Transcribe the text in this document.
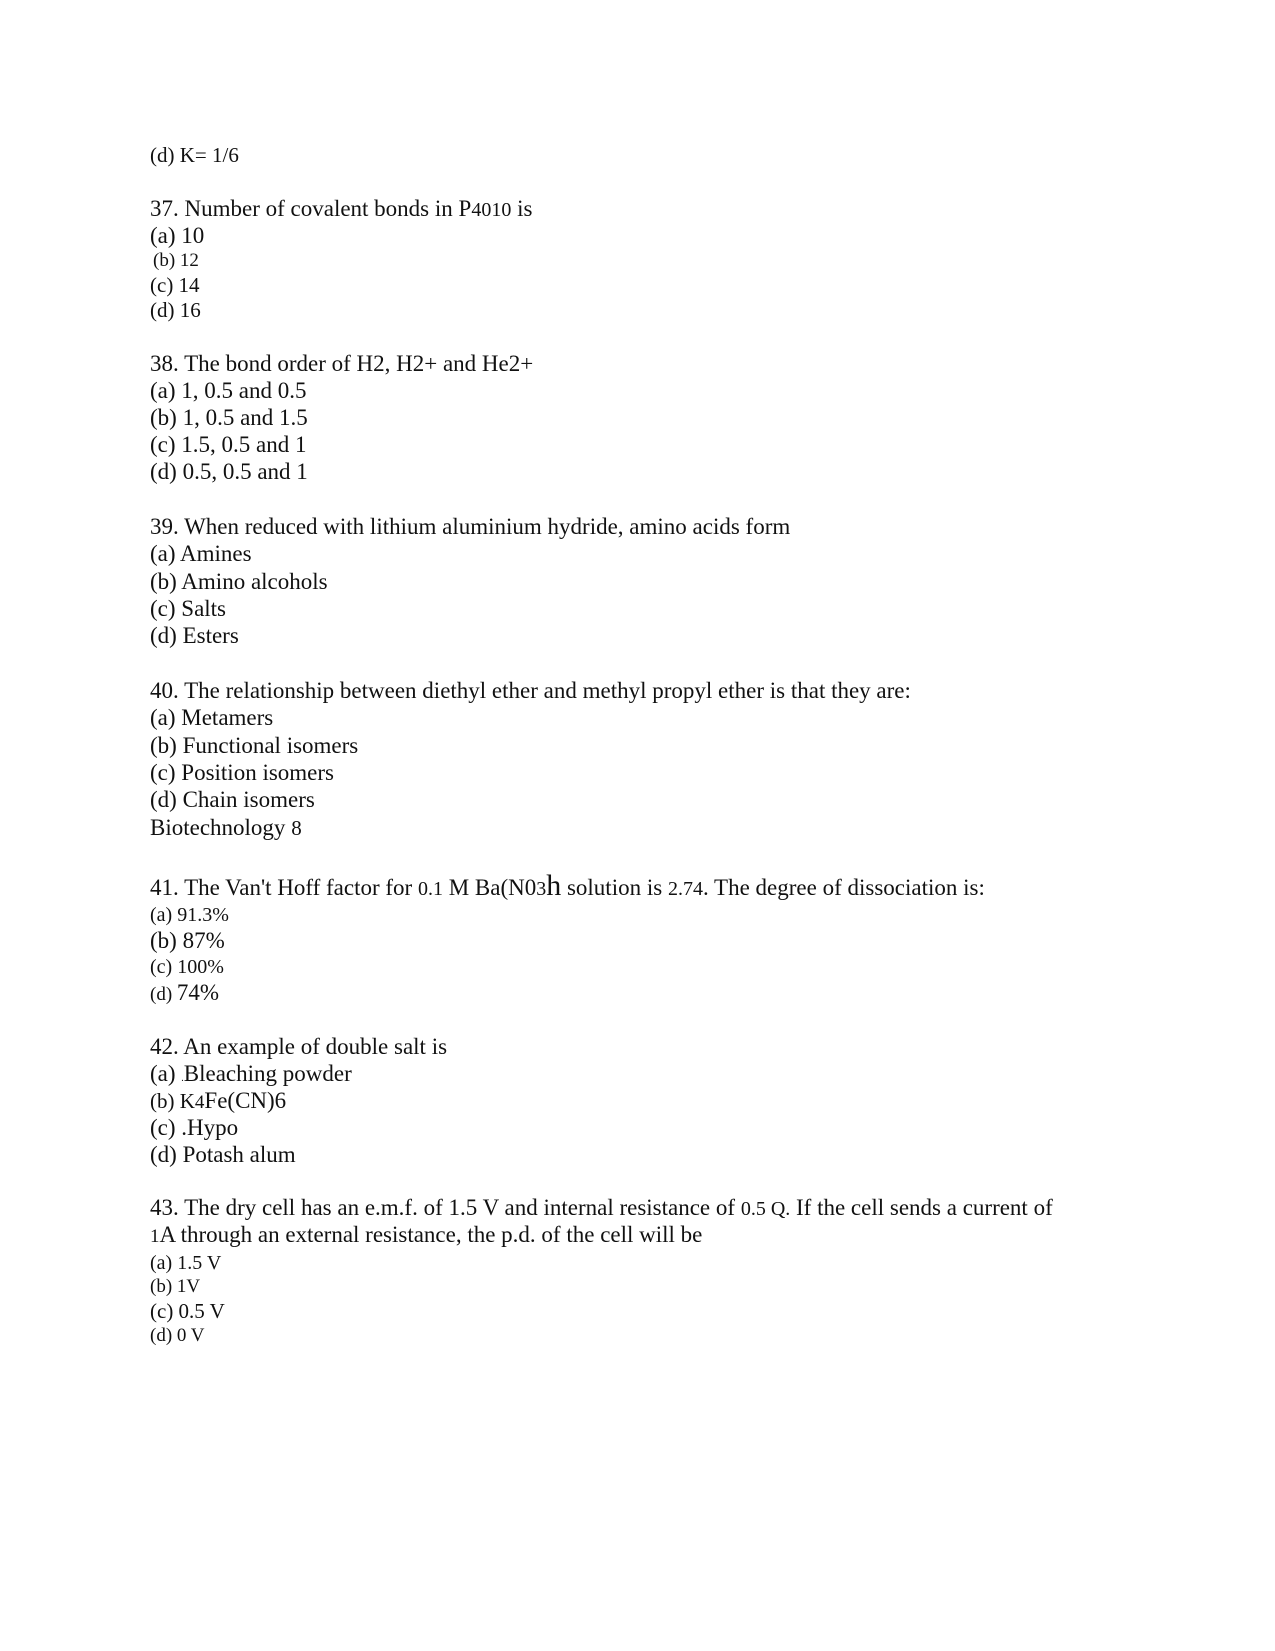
(d) K= 1/6

37. Number of covalent bonds in P4010 is

(a) 10

(b) 12

(c) 14

(d) 16

38. The bond order of H2, H2+ and He2+

(a) 1, 0.5 and 0.5

(b) 1, 0.5 and 1.5

(c) 1.5, 0.5 and 1

(d) 0.5, 0.5 and 1

39. When reduced with lithium aluminium hydride, amino acids form

(a) Amines

(b) Amino alcohols

(c) Salts

(d) Esters

40. The relationship between diethyl ether and methyl propyl ether is that they are:

(a) Metamers

(b) Functional isomers

(c) Position isomers

(d) Chain isomers

Biotechnology 8

41. The Van't Hoff factor for 0.1 M Ba(N03h solution is 2.74. The degree of dissociation is:

(a) 91.3%

(b) 87%

(c) 100%

(d) 74%

42. An example of double salt is

(a) .Bleaching powder

(b) K4Fe(CN)6

(c) .Hypo

(d) Potash alum

43. The dry cell has an e.m.f. of 1.5 V and internal resistance of 0.5 Q. If the cell sends a current of

1A through an external resistance, the p.d. of the cell will be

(a) 1.5 V

(b) 1V

(c) 0.5 V

(d) 0 V
